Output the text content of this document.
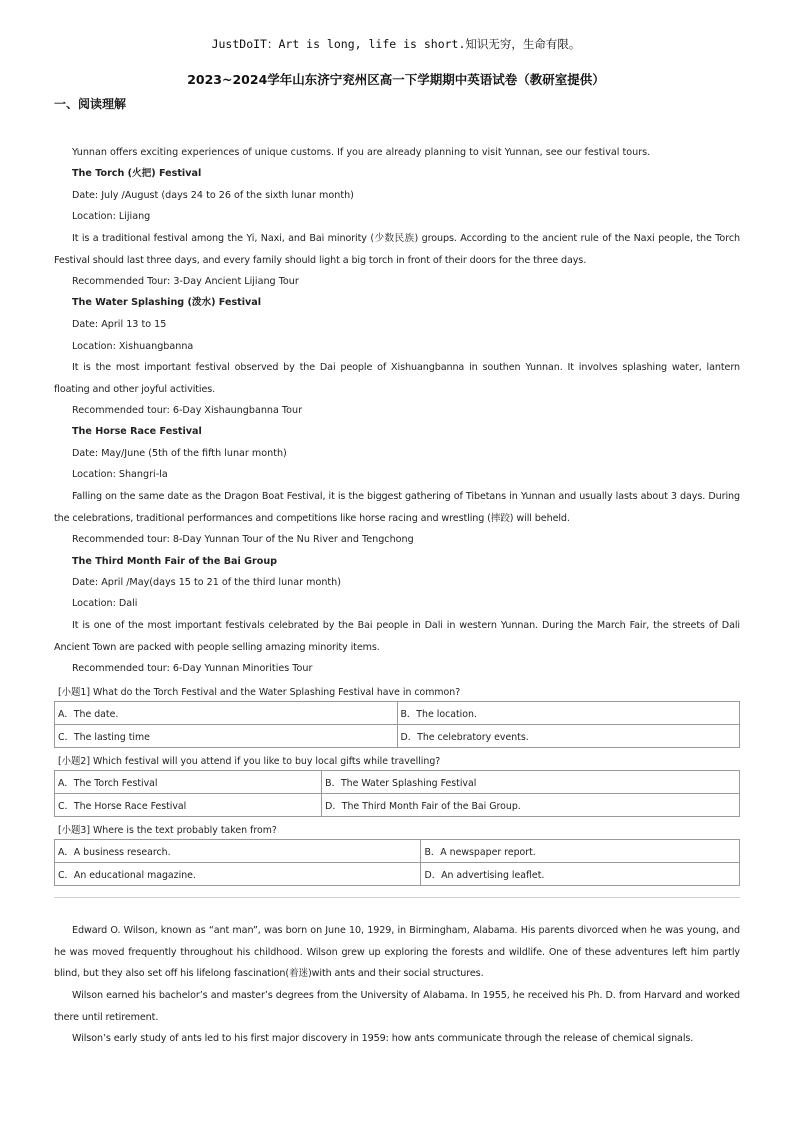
JustDoIT：Art is long, life is short.知识无穷，生命有限。
2023~2024学年山东济宁兖州区高一下学期期中英语试卷（教研室提供）
一、阅读理解
Yunnan offers exciting experiences of unique customs. If you are already planning to visit Yunnan, see our festival tours.
The Torch (火把) Festival
Date: July /August (days 24 to 26 of the sixth lunar month)
Location: Lijiang
It is a traditional festival among the Yi, Naxi, and Bai minority (少数民族) groups. According to the ancient rule of the Naxi people, the Torch Festival should last three days, and every family should light a big torch in front of their doors for the three days.
Recommended Tour: 3-Day Ancient Lijiang Tour
The Water Splashing (泼水) Festival
Date: April 13 to 15
Location: Xishuangbanna
It is the most important festival observed by the Dai people of Xishuangbanna in southen Yunnan. It involves splashing water, lantern floating and other joyful activities.
Recommended tour: 6-Day Xishaungbanna Tour
The Horse Race Festival
Date: May/June (5th of the fifth lunar month)
Location: Shangri-la
Falling on the same date as the Dragon Boat Festival, it is the biggest gathering of Tibetans in Yunnan and usually lasts about 3 days. During the celebrations, traditional performances and competitions like horse racing and wrestling (摔跤) will beheld.
Recommended tour: 8-Day Yunnan Tour of the Nu River and Tengchong
The Third Month Fair of the Bai Group
Date: April /May(days 15 to 21 of the third lunar month)
Location: Dali
It is one of the most important festivals celebrated by the Bai people in Dali in western Yunnan. During the March Fair, the streets of Dali Ancient Town are packed with people selling amazing minority items.
Recommended tour: 6-Day Yunnan Minorities Tour
[小题1] What do the Torch Festival and the Water Splashing Festival have in common?
A．The date.	B．The location.
C．The lasting time	D．The celebratory events.
[小题2] Which festival will you attend if you like to buy local gifts while travelling?
A．The Torch Festival	B．The Water Splashing Festival
C．The Horse Race Festival	D．The Third Month Fair of the Bai Group.
[小题3] Where is the text probably taken from?
A．A business research.	B．A newspaper report.
C．An educational magazine.	D．An advertising leaflet.
Edward O. Wilson, known as “ant man”, was born on June 10, 1929, in Birmingham, Alabama. His parents divorced when he was young, and he was moved frequently throughout his childhood. Wilson grew up exploring the forests and wildlife. One of these adventures left him partly blind, but they also set off his lifelong fascination(着迷)with ants and their social structures.
Wilson earned his bachelor’s and master’s degrees from the University of Alabama. In 1955, he received his Ph. D. from Harvard and worked there until retirement.
Wilson’s early study of ants led to his first major discovery in 1959: how ants communicate through the release of chemical signals.
